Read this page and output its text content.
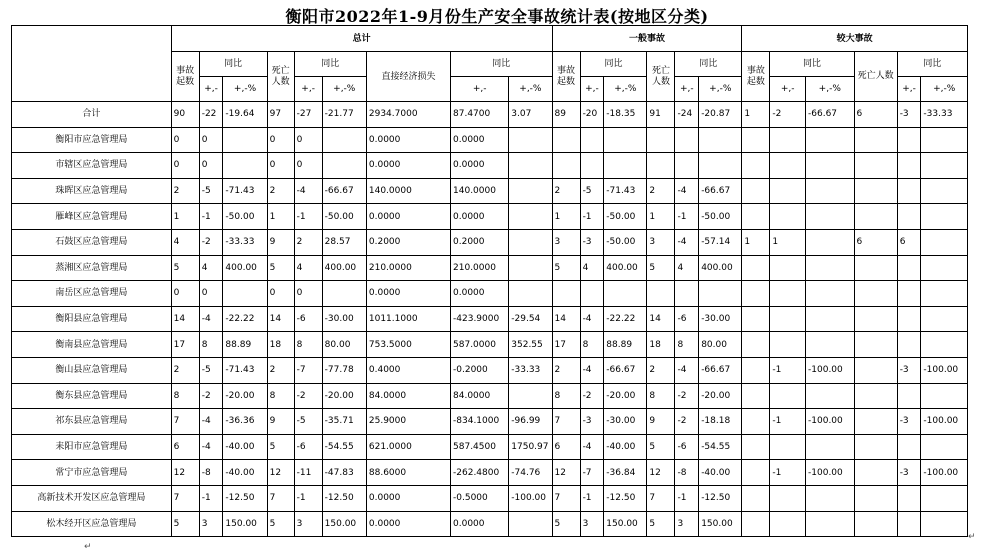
衡阳市2022年1-9月份生产安全事故统计表(按地区分类)
	总计									一般事故						较大事故					
	事故起数	同比		死亡人数	同比		直接经济损失	同比		事故起数	同比		死亡人数	同比		事故起数	同比		死亡人数	同比	
		+,-	+,-%		+,-	+,-%		+,-	+,-%		+,-	+,-%		+,-	+,-%		+,-	+,-%		+,-	+,-%
合计	90	-22	-19.64	97	-27	-21.77	2934.7000	87.4700	3.07	89	-20	-18.35	91	-24	-20.87	1	-2	-66.67	6	-3	-33.33
衡阳市应急管理局	0	0		0	0		0.0000	0.0000													
市辖区应急管理局	0	0		0	0		0.0000	0.0000													
珠晖区应急管理局	2	-5	-71.43	2	-4	-66.67	140.0000	140.0000		2	-5	-71.43	2	-4	-66.67						
雁峰区应急管理局	1	-1	-50.00	1	-1	-50.00	0.0000	0.0000		1	-1	-50.00	1	-1	-50.00						
石鼓区应急管理局	4	-2	-33.33	9	2	28.57	0.2000	0.2000		3	-3	-50.00	3	-4	-57.14	1	1		6	6	
蒸湘区应急管理局	5	4	400.00	5	4	400.00	210.0000	210.0000		5	4	400.00	5	4	400.00						
南岳区应急管理局	0	0		0	0		0.0000	0.0000													
衡阳县应急管理局	14	-4	-22.22	14	-6	-30.00	1011.1000	-423.9000	-29.54	14	-4	-22.22	14	-6	-30.00						
衡南县应急管理局	17	8	88.89	18	8	80.00	753.5000	587.0000	352.55	17	8	88.89	18	8	80.00						
衡山县应急管理局	2	-5	-71.43	2	-7	-77.78	0.4000	-0.2000	-33.33	2	-4	-66.67	2	-4	-66.67		-1	-100.00		-3	-100.00
衡东县应急管理局	8	-2	-20.00	8	-2	-20.00	84.0000	84.0000		8	-2	-20.00	8	-2	-20.00						
祁东县应急管理局	7	-4	-36.36	9	-5	-35.71	25.9000	-834.1000	-96.99	7	-3	-30.00	9	-2	-18.18		-1	-100.00		-3	-100.00
耒阳市应急管理局	6	-4	-40.00	5	-6	-54.55	621.0000	587.4500	1750.97	6	-4	-40.00	5	-6	-54.55						
常宁市应急管理局	12	-8	-40.00	12	-11	-47.83	88.6000	-262.4800	-74.76	12	-7	-36.84	12	-8	-40.00		-1	-100.00		-3	-100.00
高新技术开发区应急管理局	7	-1	-12.50	7	-1	-12.50	0.0000	-0.5000	-100.00	7	-1	-12.50	7	-1	-12.50						
松木经开区应急管理局	5	3	150.00	5	3	150.00	0.0000	0.0000		5	3	150.00	5	3	150.00						
↵
↵
